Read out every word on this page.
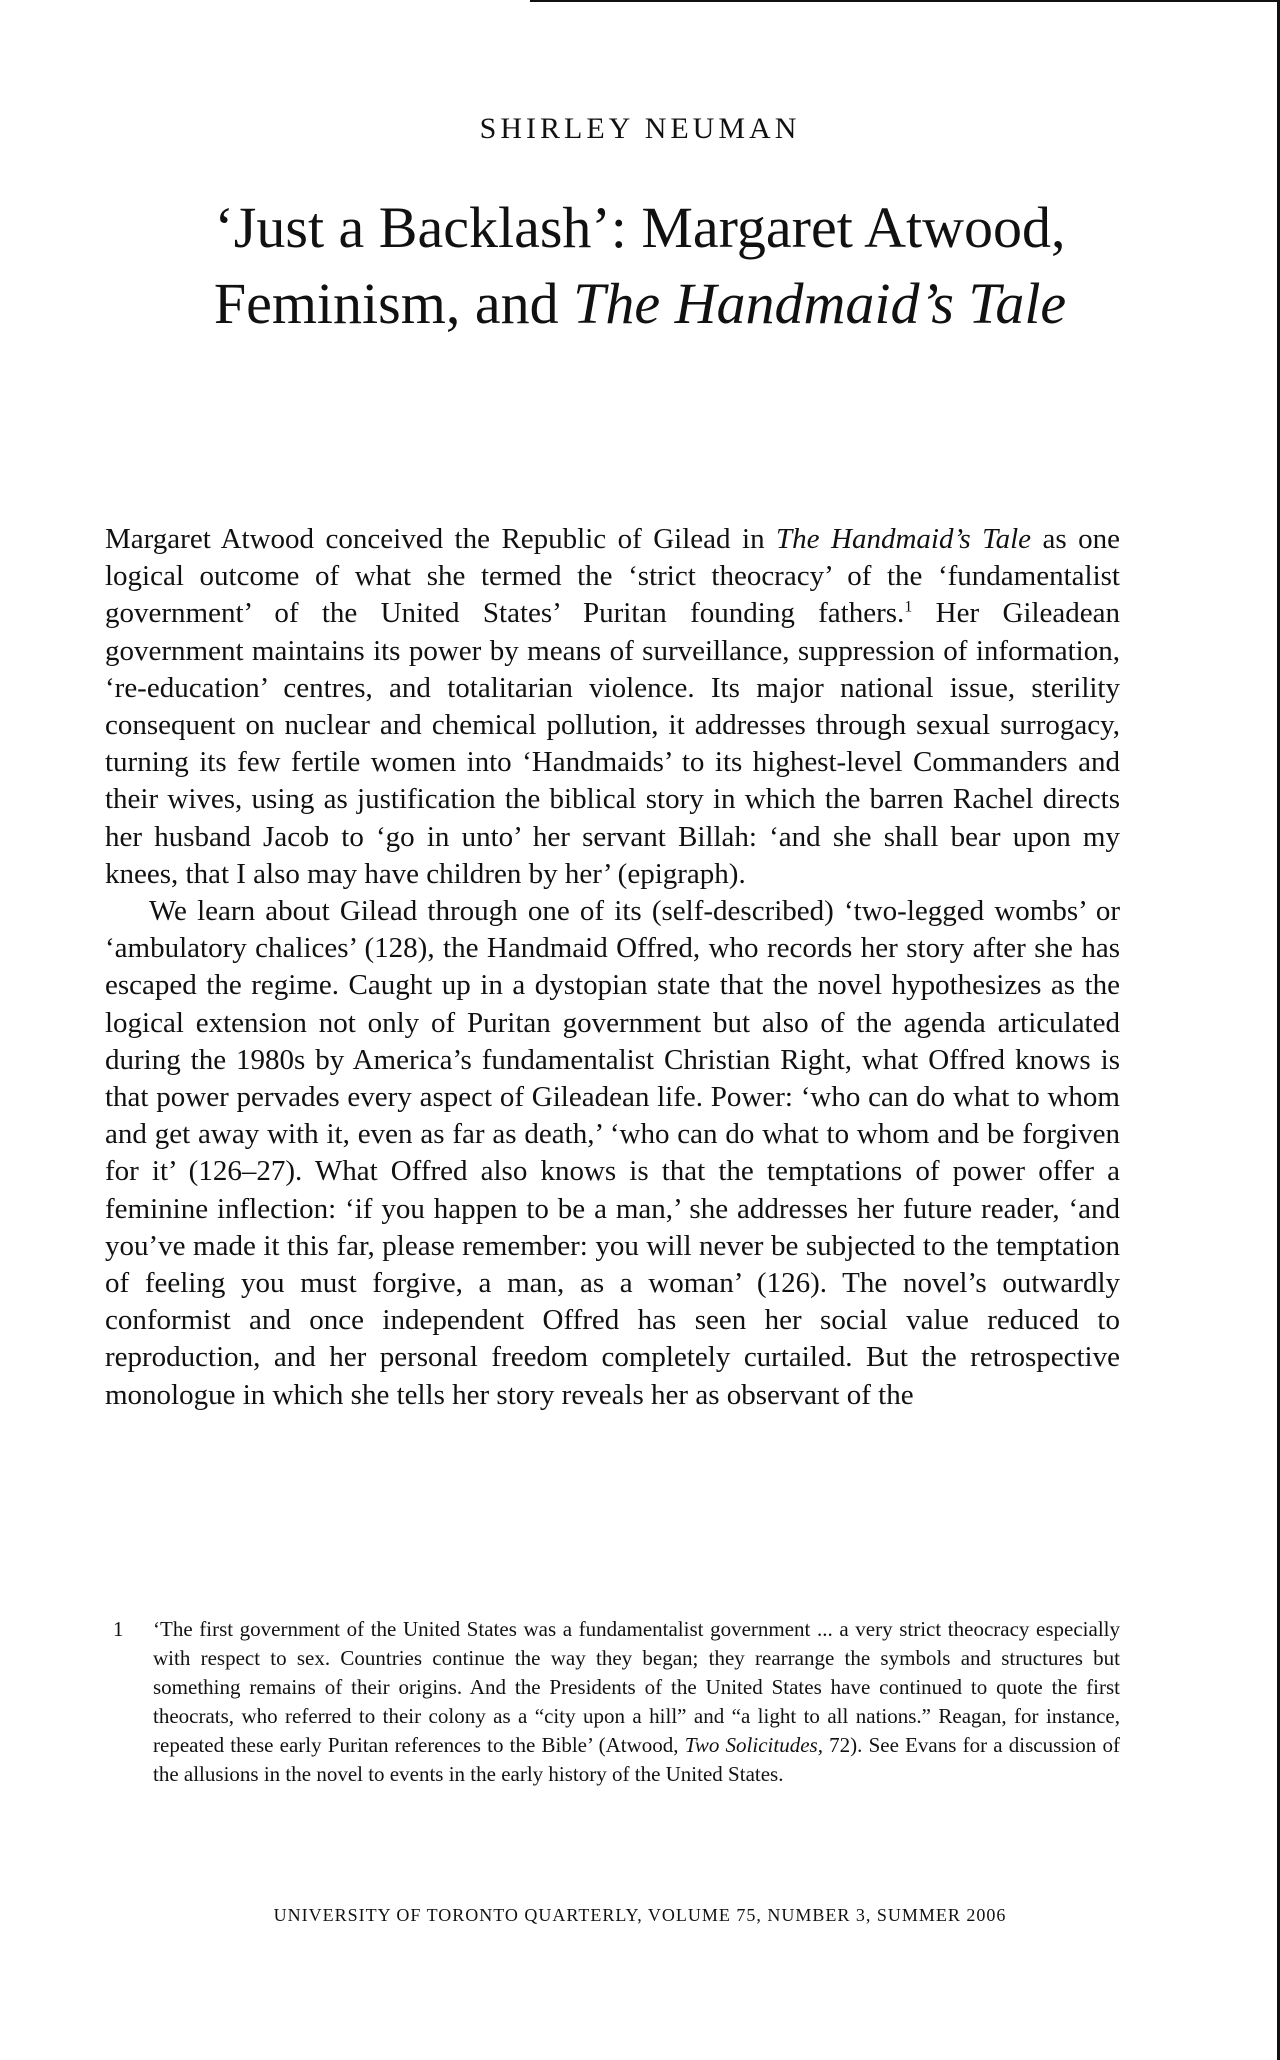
SHIRLEY NEUMAN
‘Just a Backlash’: Margaret Atwood,
Feminism, and The Handmaid’s Tale

Margaret Atwood conceived the Republic of Gilead in The Handmaid’s Tale as one logical outcome of what she termed the ‘strict theocracy’ of the ‘fundamentalist government’ of the United States’ Puritan founding fathers.$^1$ Her Gileadean government maintains its power by means of surveillance, suppression of information, ‘re-education’ centres, and totalitarian violence. Its major national issue, sterility consequent on nuclear and chemical pollution, it addresses through sexual surrogacy, turning its few fertile women into ‘Handmaids’ to its highest-level Commanders and their wives, using as justification the biblical story in which the barren Rachel directs her husband Jacob to ‘go in unto’ her servant Billah: ‘and she shall bear upon my knees, that I also may have children by her’ (epigraph).

We learn about Gilead through one of its (self-described) ‘two-legged wombs’ or ‘ambulatory chalices’ (128), the Handmaid Offred, who records her story after she has escaped the regime. Caught up in a dystopian state that the novel hypothesizes as the logical extension not only of Puritan government but also of the agenda articulated during the 1980s by America’s fundamentalist Christian Right, what Offred knows is that power pervades every aspect of Gileadean life. Power: ‘who can do what to whom and get away with it, even as far as death,’ ‘who can do what to whom and be forgiven for it’ (126–27). What Offred also knows is that the temptations of power offer a feminine inflection: ‘if you happen to be a man,’ she addresses her future reader, ‘and you’ve made it this far, please remember: you will never be subjected to the temptation of feeling you must forgive, a man, as a woman’ (126). The novel’s outwardly conformist and once independent Offred has seen her social value reduced to reproduction, and her personal freedom completely curtailed. But the retrospective monologue in which she tells her story reveals her as observant of the

1	‘The first government of the United States was a fundamentalist government ... a very strict theocracy especially with respect to sex. Countries continue the way they began; they rearrange the symbols and structures but something remains of their origins. And the Presidents of the United States have continued to quote the first theocrats, who referred to their colony as a “city upon a hill” and “a light to all nations.” Reagan, for instance, repeated these early Puritan references to the Bible’ (Atwood, Two Solicitudes, 72). See Evans for a discussion of the allusions in the novel to events in the early history of the United States.
UNIVERSITY OF TORONTO QUARTERLY, VOLUME 75, NUMBER 3, SUMMER 2006
